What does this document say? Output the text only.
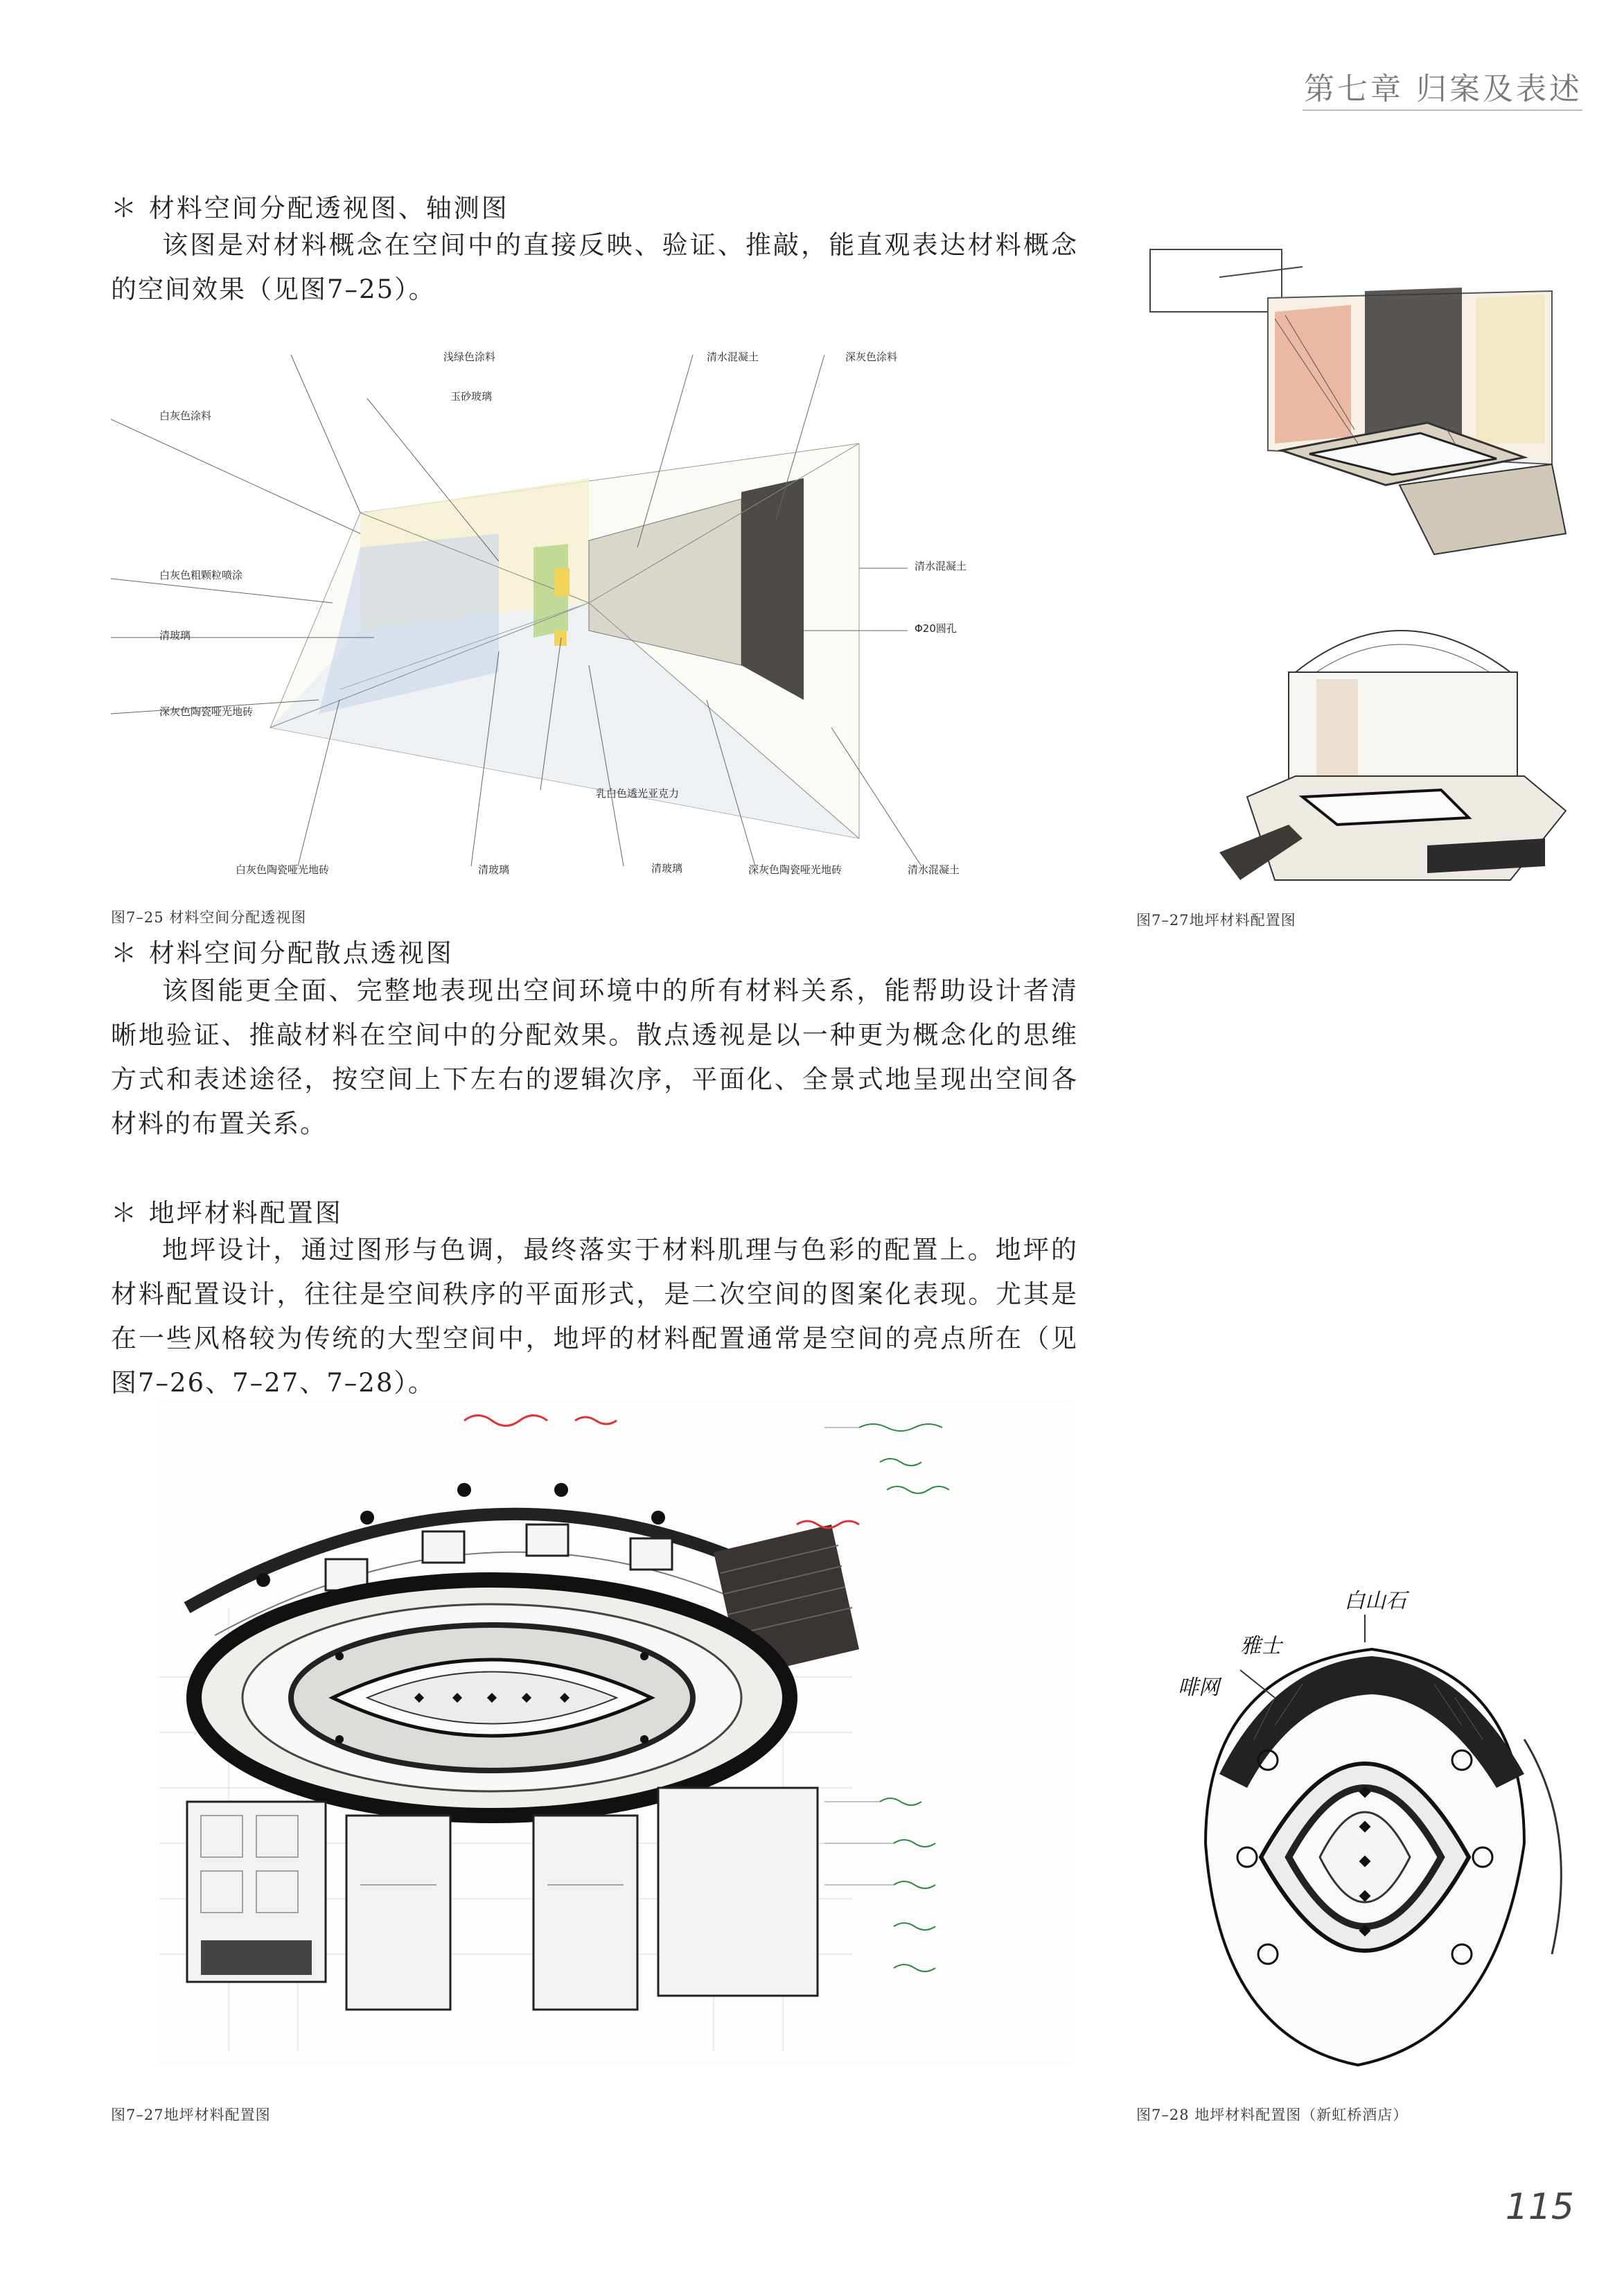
第七章 归案及表述
＊ 材料空间分配透视图、轴测图
该图是对材料概念在空间中的直接反映、验证、推敲，能直观表达材料概念的空间效果（见图7–25）。
浅绿色涂料
玉砂玻璃
清水混凝土	深灰色涂料
白灰色涂料
白灰色粗颗粒喷涂
清玻璃
深灰色陶瓷哑光地砖
清水混凝土
Φ20圆孔
乳白色透光亚克力
白灰色陶瓷哑光地砖	清玻璃	清玻璃	深灰色陶瓷哑光地砖	清水混凝土
图7–25 材料空间分配透视图	图7–27地坪材料配置图
＊ 材料空间分配散点透视图
该图能更全面、完整地表现出空间环境中的所有材料关系，能帮助设计者清晰地验证、推敲材料在空间中的分配效果。散点透视是以一种更为概念化的思维方式和表述途径，按空间上下左右的逻辑次序，平面化、全景式地呈现出空间各材料的布置关系。
＊ 地坪材料配置图
地坪设计，通过图形与色调，最终落实于材料肌理与色彩的配置上。地坪的材料配置设计，往往是空间秩序的平面形式，是二次空间的图案化表现。尤其是在一些风格较为传统的大型空间中，地坪的材料配置通常是空间的亮点所在（见图7–26、7–27、7–28）。
图7–27地坪材料配置图
白山石
雅士
啡网
图7–28 地坪材料配置图（新虹桥酒店）
115
